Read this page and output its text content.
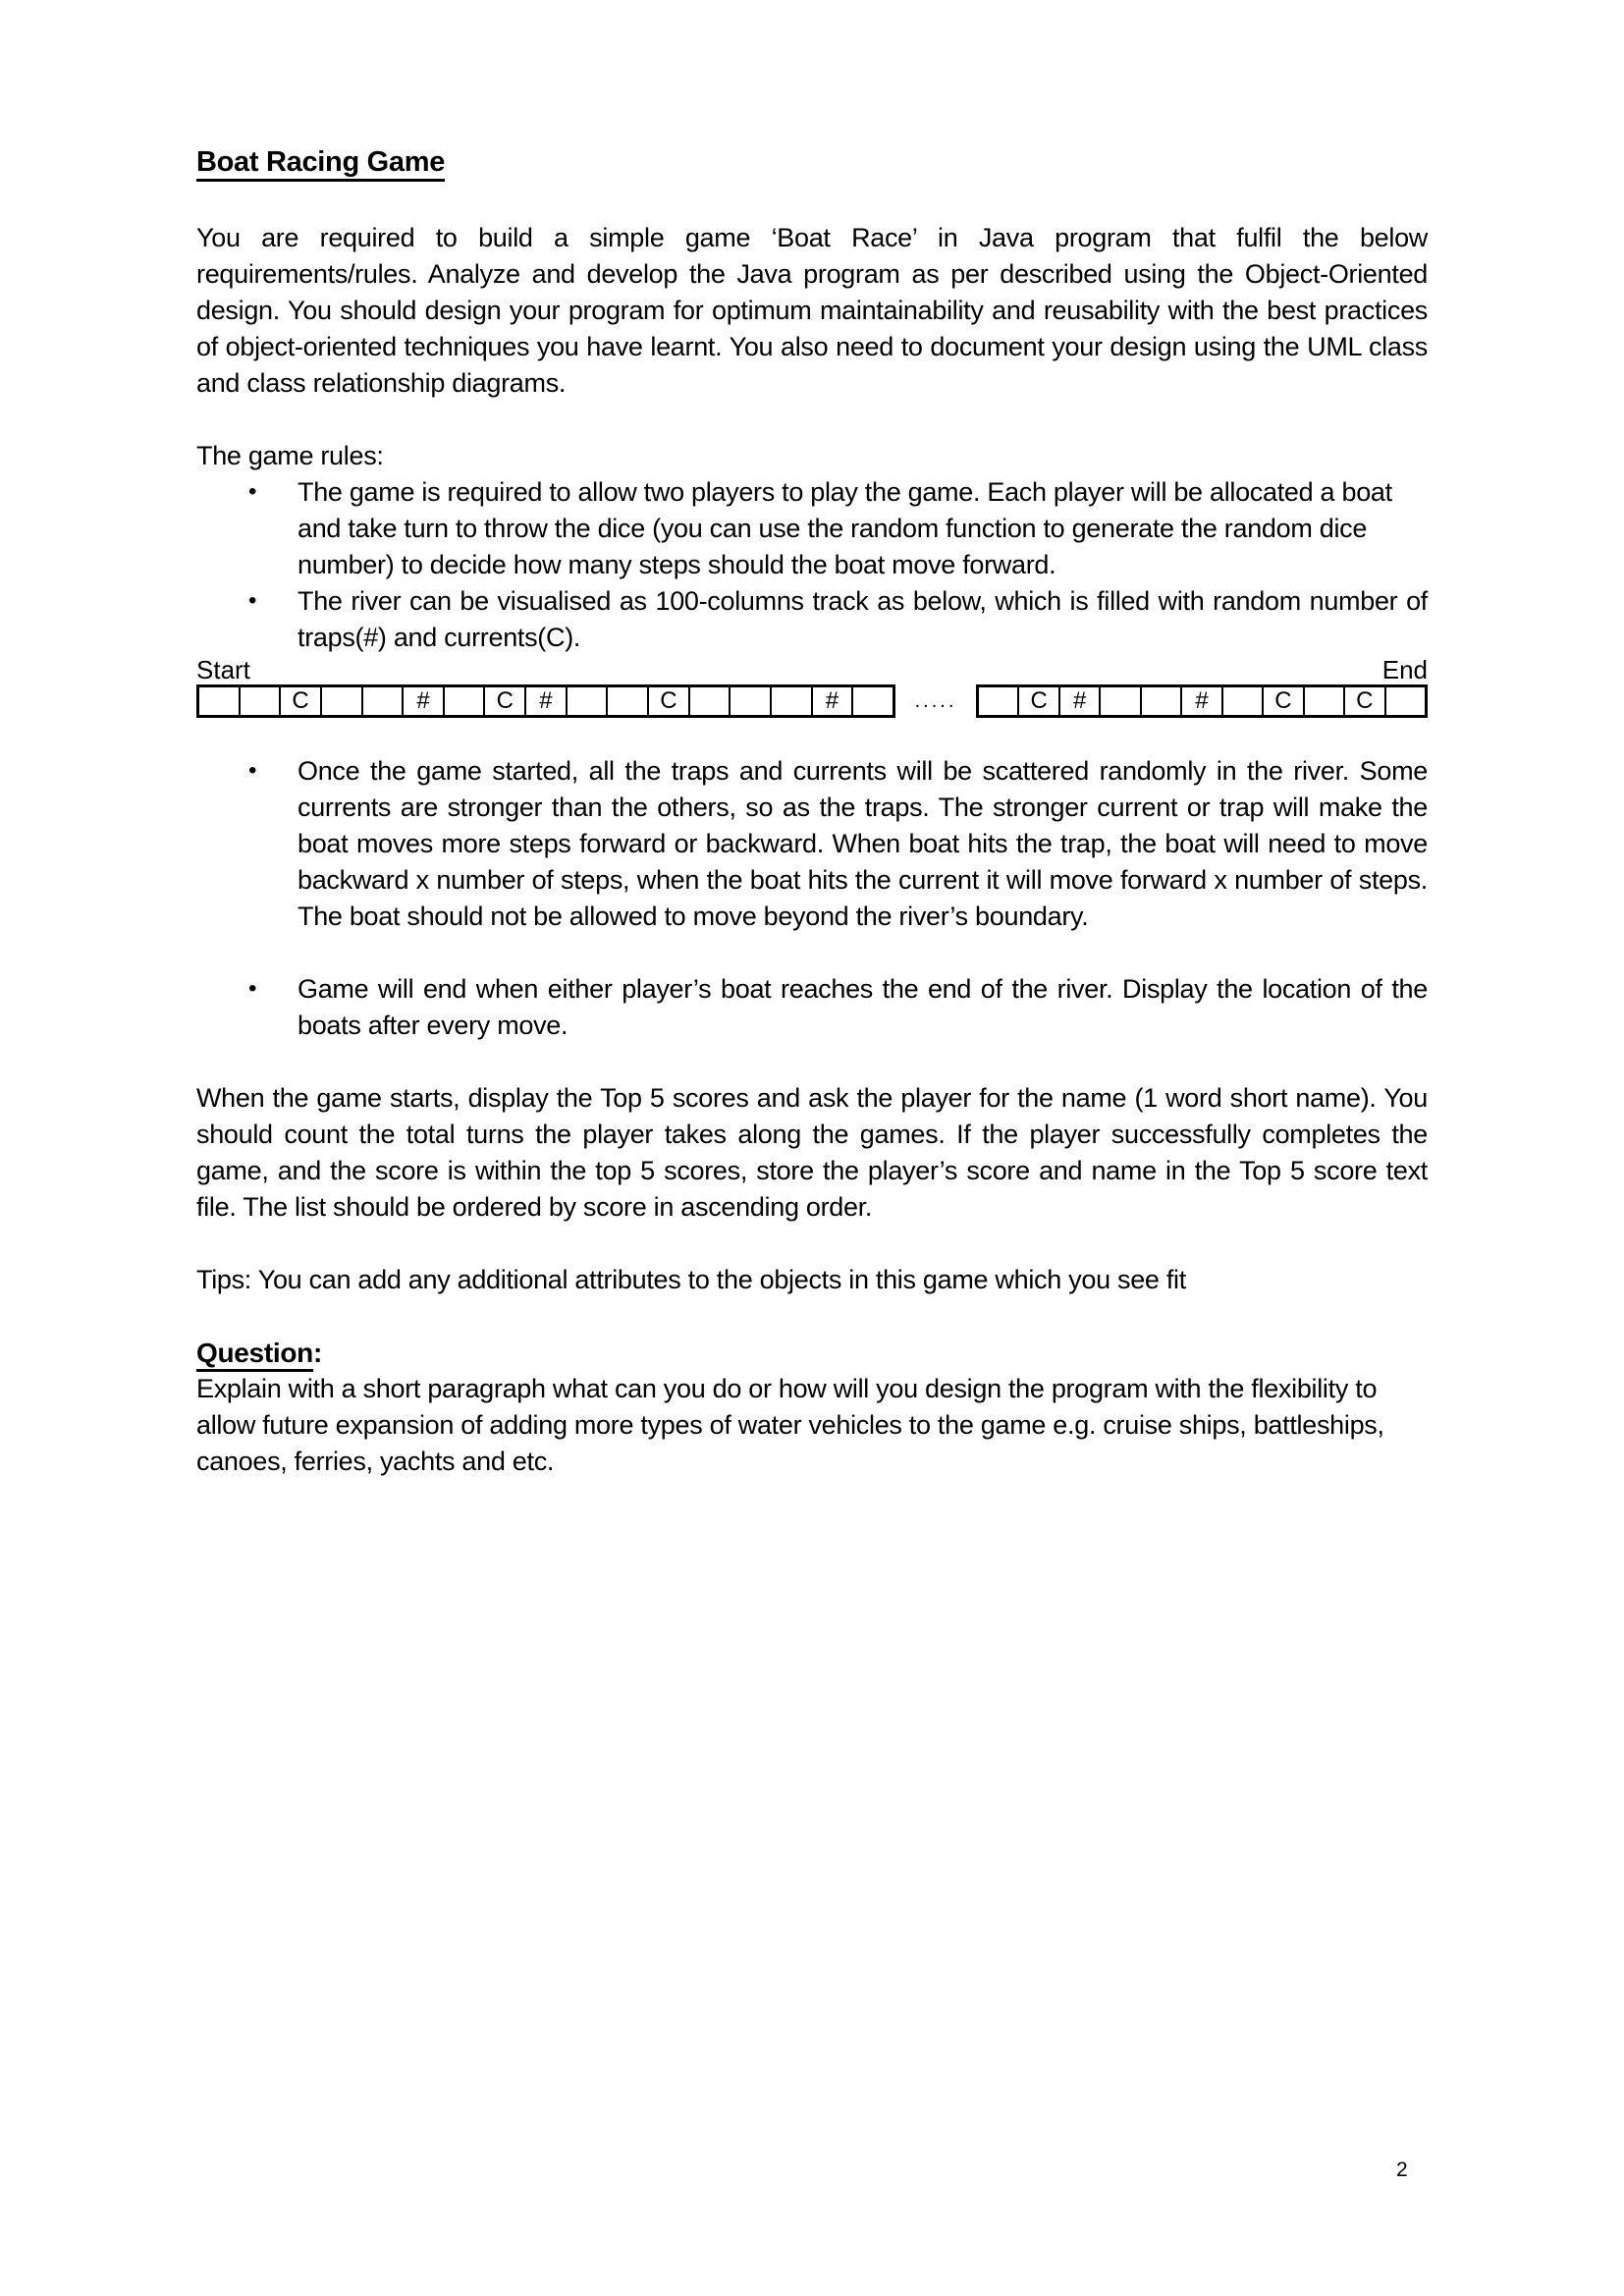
Boat Racing Game

You are required to build a simple game ‘Boat Race’ in Java program that fulfil the below requirements/rules. Analyze and develop the Java program as per described using the Object-Oriented design. You should design your program for optimum maintainability and reusability with the best practices of object-oriented techniques you have learnt. You also need to document your design using the UML class and class relationship diagrams.

The game rules:

• The game is required to allow two players to play the game. Each player will be allocated a boat and take turn to throw the dice (you can use the random function to generate the random dice number) to decide how many steps should the boat move forward.
• The river can be visualised as 100-columns track as below, which is filled with random number of traps(#) and currents(C).
Start	End
C	#	C	#	C	#	.....	C	#	#	C	C
• Once the game started, all the traps and currents will be scattered randomly in the river. Some currents are stronger than the others, so as the traps. The stronger current or trap will make the boat moves more steps forward or backward. When boat hits the trap, the boat will need to move backward x number of steps, when the boat hits the current it will move forward x number of steps. The boat should not be allowed to move beyond the river’s boundary.
• Game will end when either player’s boat reaches the end of the river. Display the location of the boats after every move.

When the game starts, display the Top 5 scores and ask the player for the name (1 word short name). You should count the total turns the player takes along the games. If the player successfully completes the game, and the score is within the top 5 scores, store the player’s score and name in the Top 5 score text file. The list should be ordered by score in ascending order.

Tips: You can add any additional attributes to the objects in this game which you see fit

Question:

Explain with a short paragraph what can you do or how will you design the program with the flexibility to allow future expansion of adding more types of water vehicles to the game e.g. cruise ships, battleships, canoes, ferries, yachts and etc.

2
